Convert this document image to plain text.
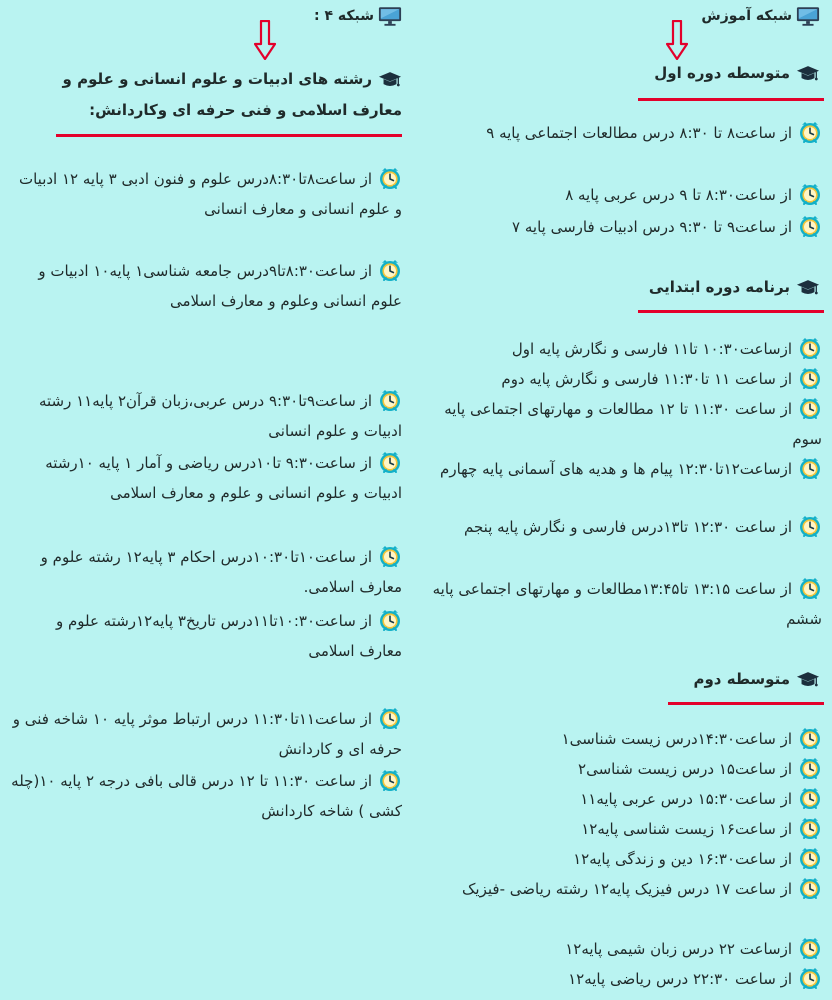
شبکه آموزش
متوسطه دوره اول
از ساعت۸ تا ۸:۳۰ درس مطالعات اجتماعی پایه ۹
از ساعت۸:۳۰ تا ۹ درس عربی پایه ۸
از ساعت۹ تا ۹:۳۰ درس ادبیات فارسی پایه ۷
برنامه دوره ابتدایی
ازساعت۱۰:۳۰ تا۱۱ فارسی و نگارش پایه اول
از ساعت ۱۱ تا۱۱:۳۰ فارسی و نگارش پایه دوم
از ساعت ۱۱:۳۰ تا ۱۲ مطالعات و مهارتهای اجتماعی پایه سوم
ازساعت۱۲تا۱۲:۳۰ پیام ها و هدیه های آسمانی پایه چهارم
از ساعت ۱۲:۳۰ تا۱۳درس فارسی و نگارش پایه پنجم
از ساعت ۱۳:۱۵ تا۱۳:۴۵مطالعات و مهارتهای اجتماعی پایه ششم
متوسطه دوم
از ساعت۱۴:۳۰درس زیست شناسی۱
از ساعت۱۵ درس زیست شناسی۲
از ساعت۱۵:۳۰ درس عربی پایه۱۱
از ساعت۱۶ زیست شناسی پایه۱۲
از ساعت۱۶:۳۰ دین و زندگی پایه۱۲
از ساعت ۱۷ درس فیزیک پایه۱۲ رشته ریاضی -فیزیک
ازساعت ۲۲ درس زبان شیمی پایه۱۲
از ساعت ۲۲:۳۰ درس ریاضی پایه۱۲
شبکه ۴ :
رشته های ادبیات و علوم انسانی و علوم و معارف اسلامی و فنی حرفه ای وکاردانش:
از ساعت۸تا۸:۳۰درس علوم و فنون ادبی ۳ پایه ۱۲ ادبیات و علوم انسانی و معارف انسانی
از ساعت۸:۳۰تا۹درس جامعه شناسی۱ پایه۱۰ ادبیات و علوم انسانی وعلوم و معارف اسلامی
از ساعت۹تا۹:۳۰ درس عربی،زبان قرآن۲ پایه۱۱ رشته ادبیات و علوم انسانی
از ساعت۹:۳۰ تا۱۰درس ریاضی و آمار ۱ پایه ۱۰رشته ادبیات و علوم انسانی و علوم و معارف اسلامی
از ساعت۱۰تا۱۰:۳۰درس احکام ۳ پایه۱۲ رشته علوم و معارف اسلامی.
از ساعت۱۰:۳۰تا۱۱درس تاریخ۳ پایه۱۲رشته علوم و معارف اسلامی
از ساعت۱۱تا۱۱:۳۰ درس ارتباط موثر پایه ۱۰ شاخه فنی و حرفه ای و کاردانش
از ساعت ۱۱:۳۰ تا ۱۲ درس قالی بافی درجه ۲ پایه ۱۰(چله کشی ) شاخه کاردانش
